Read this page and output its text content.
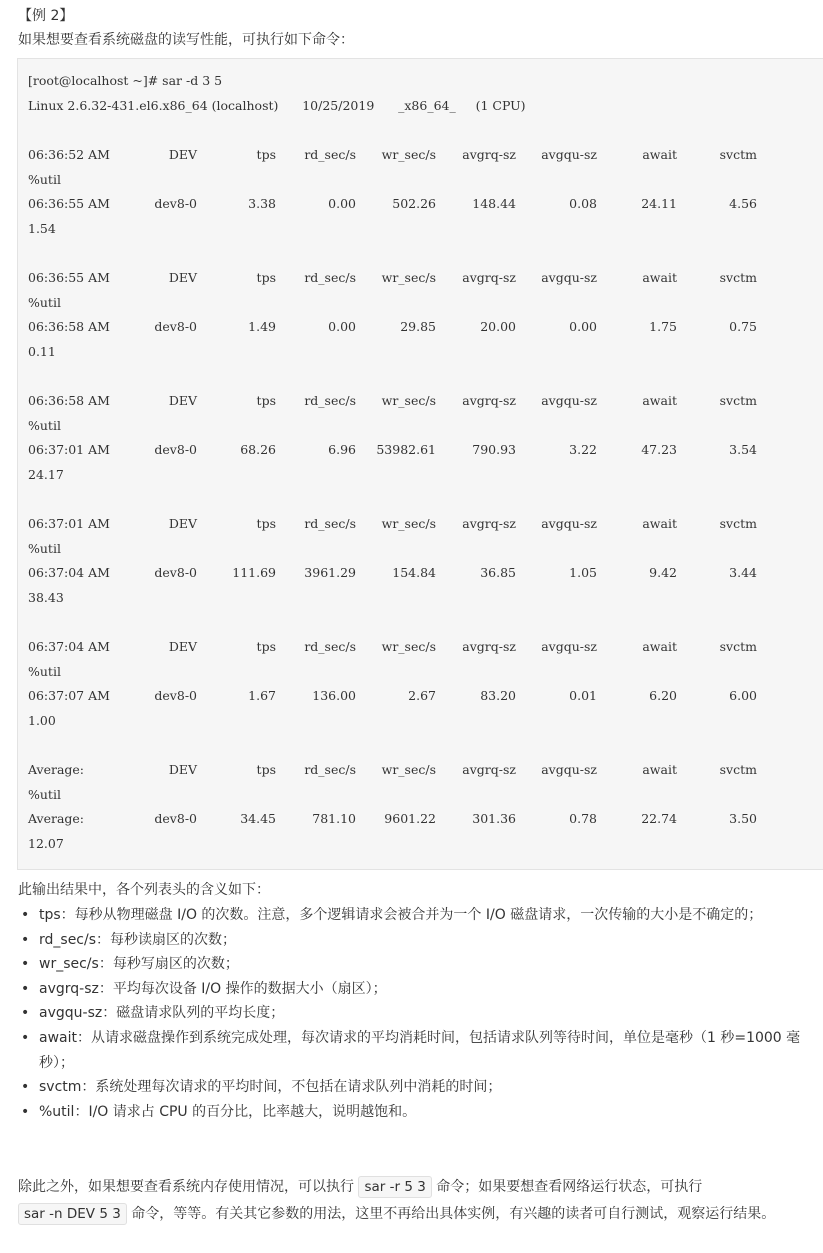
【例 2】
如果想要查看系统磁盘的读写性能，可执行如下命令：
[root@localhost ~]# sar -d 3 5
Linux 2.6.32-431.el6.x86_64 (localhost)      10/25/2019      _x86_64_     (1 CPU)
06:36:52 AM	DEV	tps rd_sec/s wr_sec/s avgrq-sz avgqu-sz	await	svctm
%util
06:36:55 AM	dev8-0	3.38	0.00	502.26	148.44	0.08	24.11	4.56
1.54
06:36:55 AM	DEV	tps rd_sec/s wr_sec/s avgrq-sz avgqu-sz	await	svctm
%util
06:36:58 AM	dev8-0	1.49	0.00	29.85	20.00	0.00	1.75	0.75
0.11
06:36:58 AM	DEV	tps rd_sec/s wr_sec/s avgrq-sz avgqu-sz	await	svctm
%util
06:37:01 AM	dev8-0	68.26	6.96 53982.61	790.93	3.22	47.23	3.54
24.17
06:37:01 AM	DEV	tps rd_sec/s wr_sec/s avgrq-sz avgqu-sz	await	svctm
%util
06:37:04 AM	dev8-0	111.69 3961.29	154.84	36.85	1.05	9.42	3.44
38.43
06:37:04 AM	DEV	tps rd_sec/s wr_sec/s avgrq-sz avgqu-sz	await	svctm
%util
06:37:07 AM	dev8-0	1.67	136.00	2.67	83.20	0.01	6.20	6.00
1.00
Average:	DEV	tps rd_sec/s wr_sec/s avgrq-sz avgqu-sz	await	svctm
%util
Average:	dev8-0	34.45	781.10 9601.22	301.36	0.78	22.74	3.50
12.07
此输出结果中，各个列表头的含义如下：
• tps：每秒从物理磁盘 I/O 的次数。注意，多个逻辑请求会被合并为一个 I/O 磁盘请求，一次传输的大小是不确定的；
• rd_sec/s：每秒读扇区的次数；
• wr_sec/s：每秒写扇区的次数；
• avgrq-sz：平均每次设备 I/O 操作的数据大小（扇区）；
• avgqu-sz：磁盘请求队列的平均长度；
• await：从请求磁盘操作到系统完成处理，每次请求的平均消耗时间，包括请求队列等待时间，单位是毫秒（1 秒=1000 毫秒）；
• svctm：系统处理每次请求的平均时间，不包括在请求队列中消耗的时间；
• %util：I/O 请求占 CPU 的百分比，比率越大，说明越饱和。
除此之外，如果想要查看系统内存使用情况，可以执行 sar -r 5 3 命令；如果要想查看网络运行状态，可执行
sar -n DEV 5 3 命令，等等。有关其它参数的用法，这里不再给出具体实例，有兴趣的读者可自行测试，观察运行结果。
